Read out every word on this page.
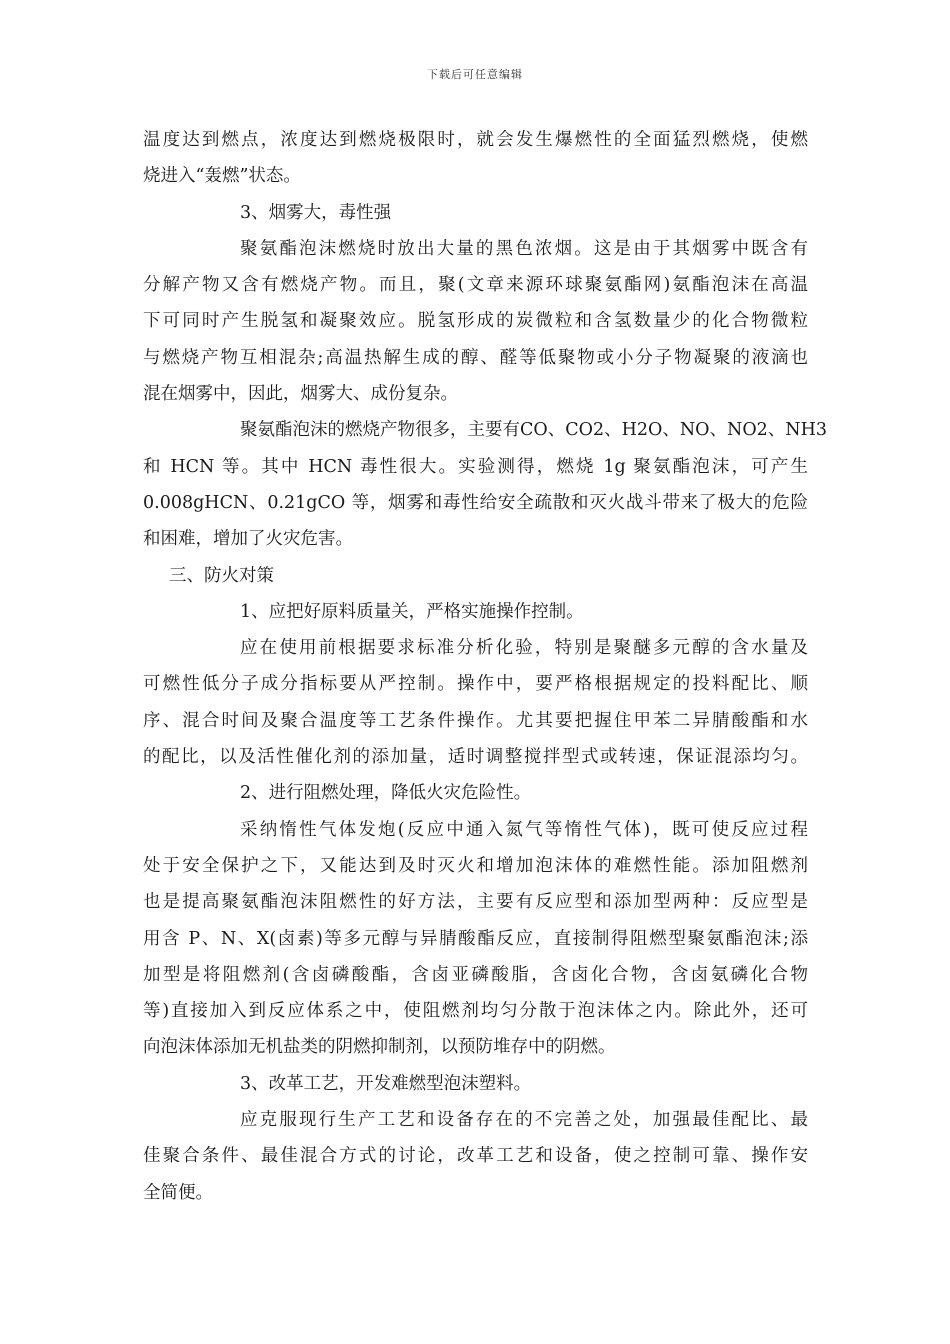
下载后可任意编辑
温度达到燃点，浓度达到燃烧极限时，就会发生爆燃性的全面猛烈燃烧，使燃
烧进入“轰燃”状态。
3、烟雾大，毒性强
聚氨酯泡沫燃烧时放出大量的黑色浓烟。这是由于其烟雾中既含有
分解产物又含有燃烧产物。而且，聚(文章来源环球聚氨酯网)氨酯泡沫在高温
下可同时产生脱氢和凝聚效应。脱氢形成的炭微粒和含氢数量少的化合物微粒
与燃烧产物互相混杂;高温热解生成的醇、醛等低聚物或小分子物凝聚的液滴也
混在烟雾中，因此，烟雾大、成份复杂。
聚氨酯泡沫的燃烧产物很多，主要有CO、CO2、H2O、NO、NO2、NH3
和 HCN 等。其中 HCN 毒性很大。实验测得，燃烧 1g 聚氨酯泡沫，可产生
0.008gHCN、0.21gCO 等，烟雾和毒性给安全疏散和灭火战斗带来了极大的危险
和困难，增加了火灾危害。
三、防火对策
1、应把好原料质量关，严格实施操作控制。
应在使用前根据要求标准分析化验，特别是聚醚多元醇的含水量及
可燃性低分子成分指标要从严控制。操作中，要严格根据规定的投料配比、顺
序、混合时间及聚合温度等工艺条件操作。尤其要把握住甲苯二异腈酸酯和水
的配比，以及活性催化剂的添加量，适时调整搅拌型式或转速，保证混添均匀。
2、进行阻燃处理，降低火灾危险性。
采纳惰性气体发炮(反应中通入氮气等惰性气体)，既可使反应过程
处于安全保护之下，又能达到及时灭火和增加泡沫体的难燃性能。添加阻燃剂
也是提高聚氨酯泡沫阻燃性的好方法，主要有反应型和添加型两种：反应型是
用含 P、N、X(卤素)等多元醇与异腈酸酯反应，直接制得阻燃型聚氨酯泡沫;添
加型是将阻燃剂(含卤磷酸酯，含卤亚磷酸脂，含卤化合物，含卤氨磷化合物
等)直接加入到反应体系之中，使阻燃剂均匀分散于泡沫体之内。除此外，还可
向泡沫体添加无机盐类的阴燃抑制剂，以预防堆存中的阴燃。
3、改革工艺，开发难燃型泡沫塑料。
应克服现行生产工艺和设备存在的不完善之处，加强最佳配比、最
佳聚合条件、最佳混合方式的讨论，改革工艺和设备，使之控制可靠、操作安
全简便。
